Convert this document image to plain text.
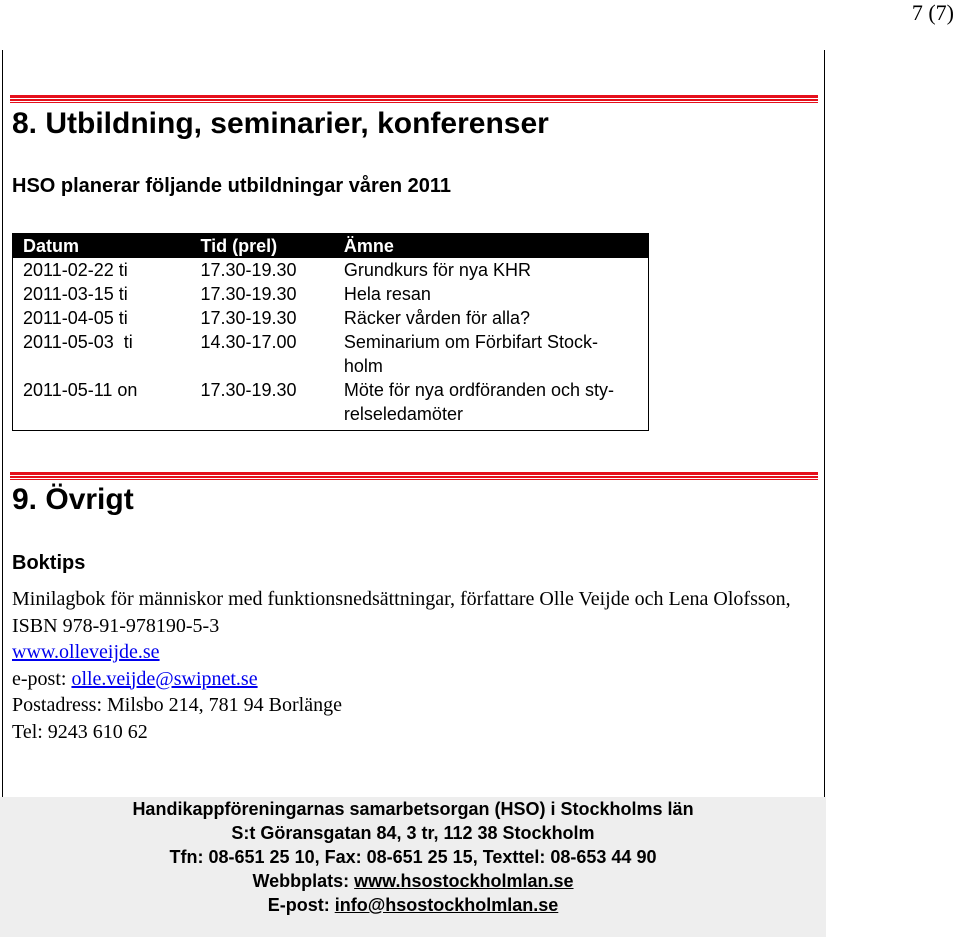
7 (7)
8. Utbildning, seminarier, konferenser
HSO planerar följande utbildningar våren 2011
Datum	Tid (prel)	Ämne
2011-02-22 ti	17.30-19.30	Grundkurs för nya KHR
2011-03-15 ti	17.30-19.30	Hela resan
2011-04-05 ti	17.30-19.30	Räcker vården för alla?
2011-05-03  ti	14.30-17.00	Seminarium om Förbifart Stock-holm
2011-05-11 on	17.30-19.30	Möte för nya ordföranden och sty-relseledamöter
9. Övrigt
Boktips

Minilagbok för människor med funktionsnedsättningar, författare Olle Veijde och Lena Olofsson, ISBN 978-91-978190-5-3

www.olleveijde.se

e-post: olle.veijde@swipnet.se

Postadress: Milsbo 214, 781 94 Borlänge

Tel: 9243 610 62

Handikappföreningarnas samarbetsorgan (HSO) i Stockholms län
S:t Göransgatan 84, 3 tr, 112 38 Stockholm
Tfn: 08-651 25 10, Fax: 08-651 25 15, Texttel: 08-653 44 90
Webbplats: www.hsostockholmlan.se
E-post: info@hsostockholmlan.se
